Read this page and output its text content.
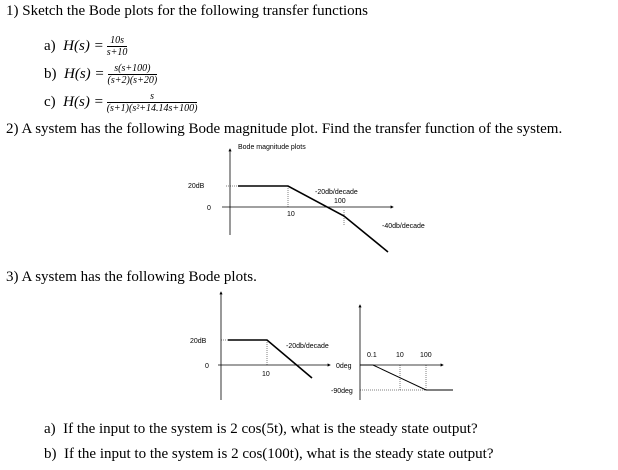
1) Sketch the Bode plots for the following transfer functions
a) $H(s) = \frac{10s}{s+10}$
b) $H(s) = \frac{s(s+100)}{(s+2)(s+20)}$
c) $H(s) = \frac{s}{\text{(s+1)(s²+14.14s+100)}}$
2) A system has the following Bode magnitude plot. Find the transfer function of the system.
3) A system has the following Bode plots.
a) If the input to the system is 2 cos(5t), what is the steady state output?
b) If the input to the system is 2 cos(100t), what is the steady state output?
Bode magnitude plots
20dB
0
10
100
-20db/decade
-40db/decade
20dB
0
10
-20db/decade
0.1	10 100
0deg
-90deg
